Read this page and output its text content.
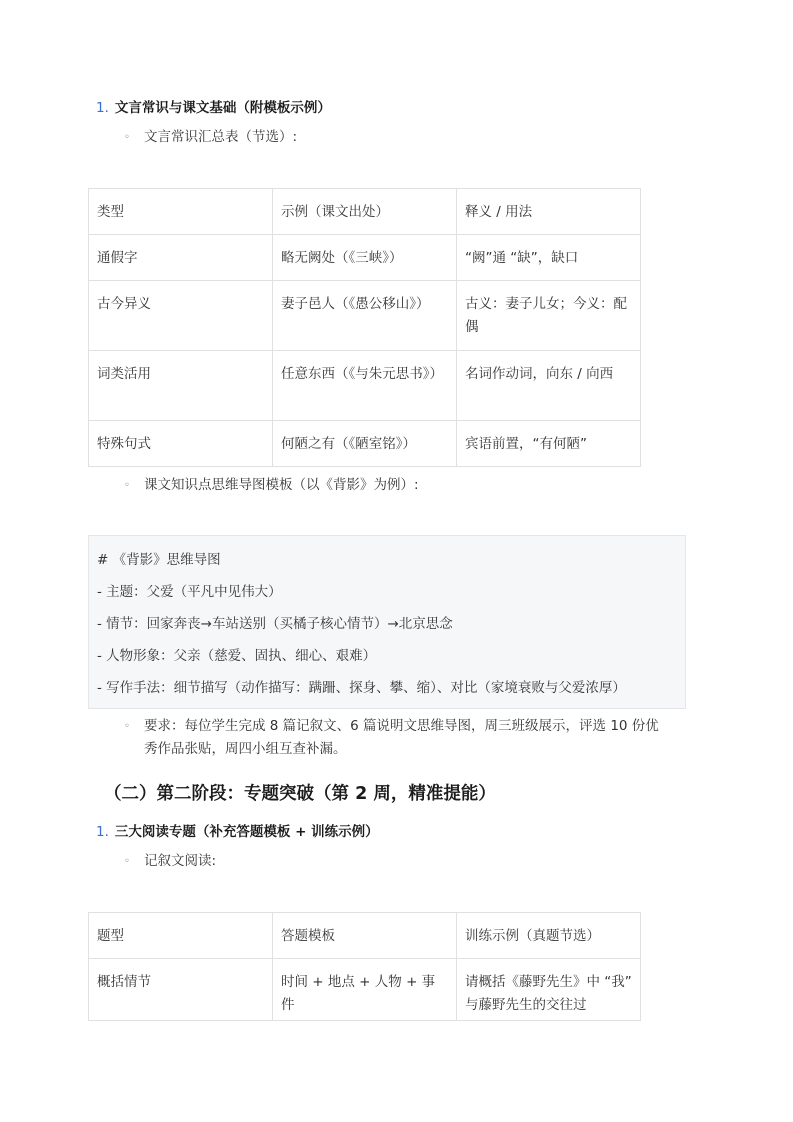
1. 文言常识与课文基础（附模板示例）
◦ 文言常识汇总表（节选）:
类型	示例（课文出处）	释义 / 用法
通假字	略无阙处（《三峡》）	“阙”通 “缺”，缺口
古今异义	妻子邑人（《愚公移山》）	古义：妻子儿女；今义：配偶
词类活用	任意东西（《与朱元思书》）	名词作动词，向东 / 向西
特殊句式	何陋之有（《陋室铭》）	宾语前置，“有何陋”
◦ 课文知识点思维导图模板（以《背影》为例）:
# 《背影》思维导图
- 主题：父爱（平凡中见伟大）
- 情节：回家奔丧→车站送别（买橘子核心情节）→北京思念
- 人物形象：父亲（慈爱、固执、细心、艰难）
- 写作手法：细节描写（动作描写：蹒跚、探身、攀、缩）、对比（家境衰败与父爱浓厚）
◦ 要求：每位学生完成 8 篇记叙文、6 篇说明文思维导图，周三班级展示，评选 10 份优
秀作品张贴，周四小组互查补漏。
（二）第二阶段：专题突破（第 2 周，精准提能）
1. 三大阅读专题（补充答题模板 + 训练示例）
◦ 记叙文阅读:
题型	答题模板	训练示例（真题节选）
概括情节	时间 + 地点 + 人物 + 事件	请概括《藤野先生》中 “我” 与藤野先生的交往过
